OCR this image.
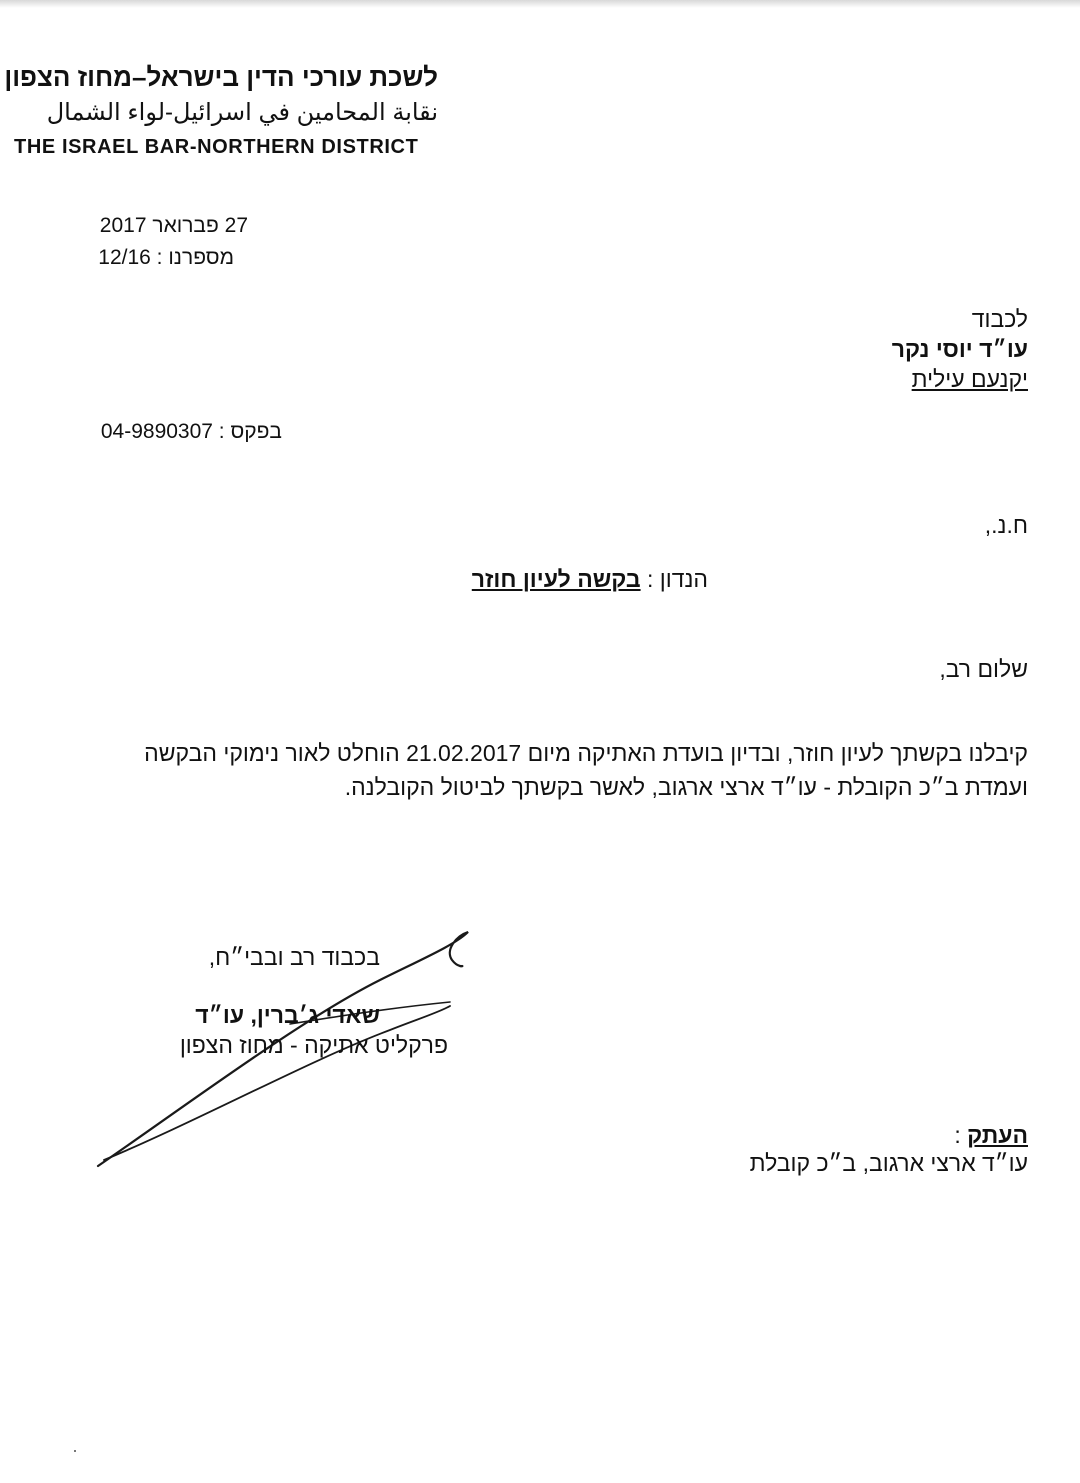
לשכת עורכי הדין בישראל–מחוז הצפון
نقابة المحامين في اسرائيل-لواء الشمال
THE ISRAEL BAR-NORTHERN DISTRICT
27 פברואר 2017
מספרנו : 12/16
לכבוד
עו״ד יוסי נקר
יקנעם עילית
בפקס : 04-9890307
ח.נ.,
הנדון : בקשה לעיון חוזר
שלום רב,
קיבלנו בקשתך לעיון חוזר, ובדיון בועדת האתיקה מיום 21.02.2017 הוחלט לאור נימוקי הבקשה ועמדת ב״כ הקובלת - עו״ד ארצי ארגוב, לאשר בקשתך לביטול הקובלנה.
בכבוד רב ובבי״ח,
שאדי ג׳ברין, עו״ד
פרקליט אתיקה - מחוז הצפון
העתק :
עו״ד ארצי ארגוב, ב״כ קובלת
